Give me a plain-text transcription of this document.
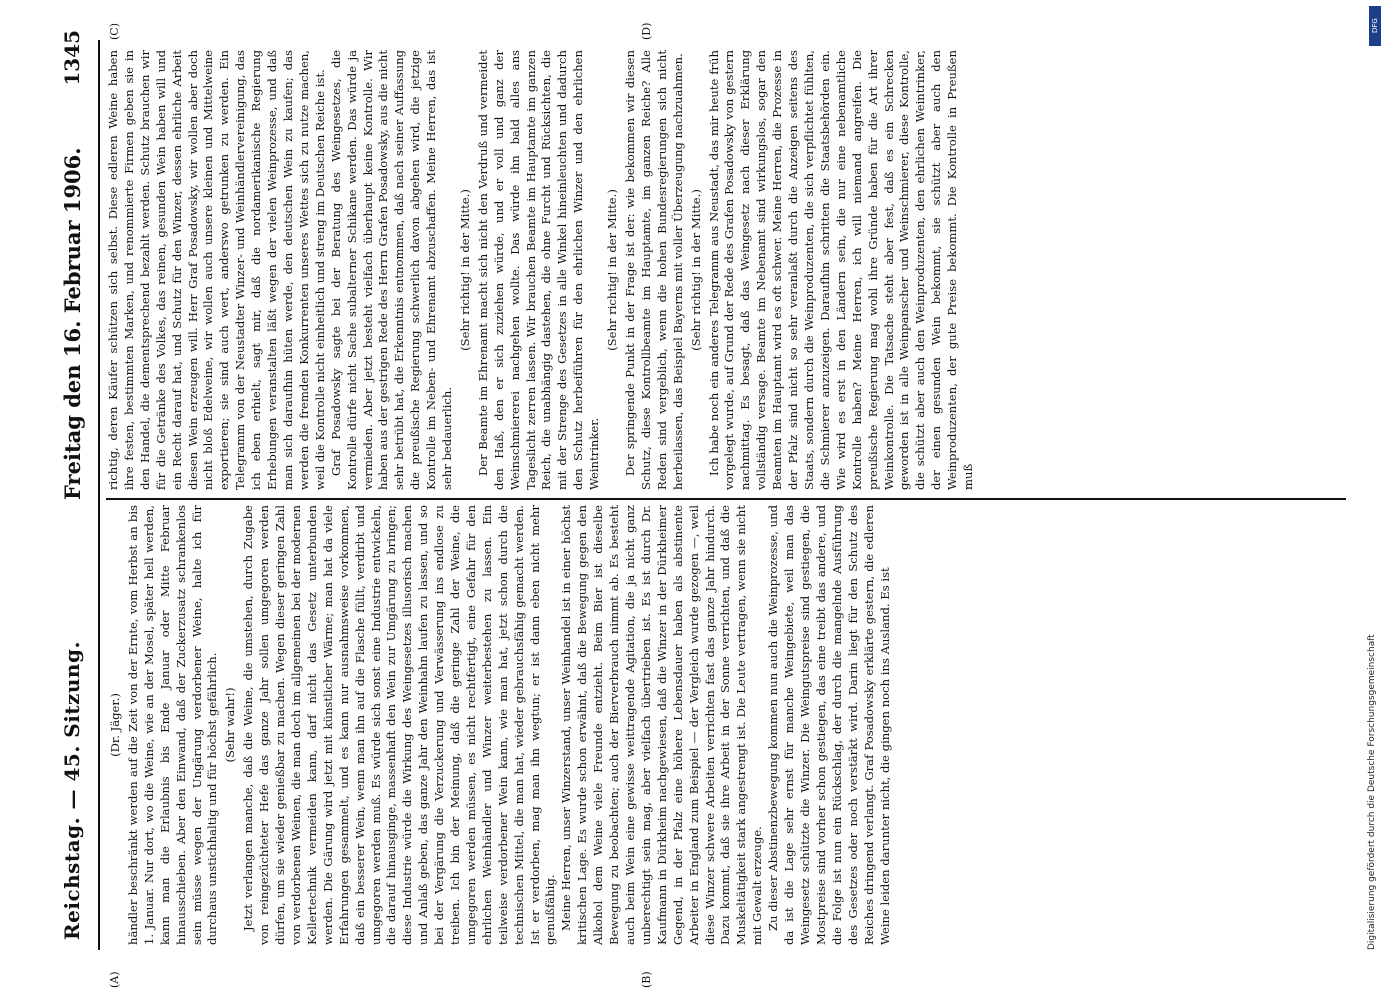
Reichstag. — 45. Sitzung.
Freitag den 16. Februar 1906.
1345
(A)	(B)
(C)	(D)

(Dr. Jäger.) händler beschränkt werden auf die Zeit von der Ernte, vom Herbst an bis 1. Januar. Nur dort, wo die Weine, wie an der Mosel, später hell werden, kann man die Erlaubnis bis Ende Januar oder Mitte Februar hinausschieben. Aber den Einwand, daß der Zuckerzusatz schrankenlos sein müsse wegen der Ungärung verdorbener Weine, halte ich für durchaus unstichhaltig und für höchst gefährlich. (Sehr wahr!) Jetzt verlangen manche, daß die Weine, die umstehen, durch Zugabe von reingezüchteter Hefe das ganze Jahr sollen umgegoren werden dürfen, um sie wieder genießbar zu machen. Wegen dieser geringen Zahl von verdorbenen Weinen, die man doch im allgemeinen bei der modernen Kellertechnik vermeiden kann, darf nicht das Gesetz unterbunden werden. Die Gärung wird jetzt mit künstlicher Wärme; man hat da viele Erfahrungen gesammelt, und es kann nur ausnahmsweise vorkommen, daß ein besserer Wein, wenn man ihn auf die Flasche füllt, verdirbt und umgegoren werden muß. Es würde sich sonst eine Industrie entwickeln, die darauf hinausginge, massenhaft den Wein zur Umgärung zu bringen; diese Industrie würde die Wirkung des Weingesetzes illusorisch machen und Anlaß geben, das ganze Jahr den Weinhahn laufen zu lassen, und so bei der Vergärung die Verzuckerung und Verwässerung ins endlose zu treiben. Ich bin der Meinung, daß die geringe Zahl der Weine, die umgegoren werden müssen, es nicht rechtfertigt, eine Gefahr für den ehrlichen Weinhändler und Winzer weiterbestehen zu lassen. Ein teilweise verdorbener Wein kann, wie man hat, jetzt schon durch die technischen Mittel, die man hat, wieder gebrauchsfähig gemacht werden. Ist er verdorben, mag man ihn wegtun; er ist dann eben nicht mehr genußfähig. Meine Herren, unser Winzerstand, unser Weinhandel ist in einer höchst kritischen Lage. Es wurde schon erwähnt, daß die Bewegung gegen den Alkohol dem Weine viele Freunde entzieht. Beim Bier ist dieselbe Bewegung zu beobachten; auch der Bierverbrauch nimmt ab. Es besteht auch beim Wein eine gewisse weittragende Agitation, die ja nicht ganz unberechtigt sein mag, aber vielfach übertrieben ist. Es ist durch Dr. Kaufmann in Dürkheim nachgewiesen, daß die Winzer in der Dürkheimer Gegend, in der Pfalz eine höhere Lebensdauer haben als abstinente Arbeiter in England zum Beispiel — der Vergleich wurde gezogen —, weil diese Winzer schwere Arbeiten verrichten fast das ganze Jahr hindurch. Dazu kommt, daß sie ihre Arbeit in der Sonne verrichten, und daß die Muskeltätigkeit stark angestrengt ist. Die Leute vertragen, wenn sie nicht mit Gewalt erzeuge. Zu dieser Abstinenzbewegung kommen nun auch die Weinprozesse, und da ist die Lage sehr ernst für manche Weingebiete, weil man das Weingesetz schützte die Winzer. Die Weingutspreise sind gestiegen, die Mostpreise sind vorher schon gestiegen, das eine treibt das andere, und die Folge ist nun ein Rückschlag, der durch die mangelnde Ausführung des Gesetzes oder noch verstärkt wird. Darin liegt für den Schutz des Reiches dringend verlangt. Graf Posadowsky erklärte gestern, die edleren Weine leiden darunter nicht, die gingen noch ins Ausland. Es ist

richtig, deren Käufer schützen sich selbst. Diese edleren Weine haben ihre festen, bestimmten Marken, und renommierte Firmen geben sie in den Handel, die dementsprechend bezahlt werden. Schutz brauchen wir für die Getränke des Volkes, das reinen, gesunden Wein haben will und ein Recht darauf hat, und Schutz für den Winzer, dessen ehrliche Arbeit diesen Wein erzeugen will. Herr Graf Posadowsky, wir wollen aber doch nicht bloß Edelweine, wir wollen auch unsere kleinen und Mittelweine exportieren; sie sind auch wert, anderswo getrunken zu werden. Ein Telegramm von der Neustadter Winzer- und Weinhändlervereinigung, das ich eben erhielt, sagt mir, daß die nordamerikanische Regierung Erhebungen veranstalten läßt wegen der vielen Weinprozesse, und daß man sich daraufhin hüten werde, den deutschen Wein zu kaufen; das werden die fremden Konkurrenten unseres Wettes sich zu nutze machen, weil die Kontrolle nicht einheitlich und streng im Deutschen Reiche ist. Graf Posadowsky sagte bei der Beratung des Weingesetzes, die Kontrolle dürfe nicht Sache subalterner Schikane werden. Das würde ja vermieden. Aber jetzt besteht vielfach überhaupt keine Kontrolle. Wir haben aus der gestrigen Rede des Herrn Grafen Posadowsky, aus die nicht sehr betrübt hat, die Erkenntnis entnommen, daß nach seiner Auffassung die preußische Regierung schwerlich davon abgehen wird, die jetzige Kontrolle im Neben- und Ehrenamt abzuschaffen. Meine Herren, das ist sehr bedauerlich.

(Sehr richtig! in der Mitte.) Der Beamte im Ehrenamt macht sich nicht den Verdruß und vermeidet den Haß, den er sich zuziehen würde, und er voll und ganz der Weinschmiererei nachgehen wollte. Das würde ihn bald alles ans Tageslicht zerren lassen. Wir brauchen Beamte im Hauptamte im ganzen Reich, die unabhängig dastehen, die ohne Furcht und Rücksichten, die mit der Strenge des Gesetzes in alle Winkel hineinleuchten und dadurch den Schutz herbeiführen für den ehrlichen Winzer und den ehrlichen Weintrinker.

(Sehr richtig! in der Mitte.) Der springende Punkt in der Frage ist der: wie bekommen wir diesen Schutz, diese Kontrollbeamte im Hauptamte, im ganzen Reiche? Alle Reden sind vergeblich, wenn die hohen Bundesregierungen sich nicht herbeilassen, das Beispiel Bayerns mit voller Überzeugung nachzuahmen. (Sehr richtig! in der Mitte.) Ich habe noch ein anderes Telegramm aus Neustadt, das mir heute früh vorgelegt wurde, auf Grund der Rede des Grafen Posadowsky von gestern nachmittag. Es besagt, daß das Weingesetz nach dieser Erklärung vollständig versage. Beamte im Nebenamt sind wirkungslos, sogar den Beamten im Hauptamt wird es oft schwer. Meine Herren, die Prozesse in der Pfalz sind nicht so sehr veranlaßt durch die Anzeigen seitens des Staats, sondern durch die Weinproduzenten, die sich verpflichtet fühlten, die Schmierer anzuzeigen. Daraufhin schritten die Staatsbehörden ein. Wie wird es erst in den Ländern sein, die nur eine nebenamtliche Kontrolle haben? Meine Herren, ich will niemand angreifen. Die preußische Regierung mag wohl ihre Gründe haben für die Art ihrer Weinkontrolle. Die Tatsache steht aber fest, daß es ein Schrecken geworden ist in alle Weinpanscher und Weinschmierer, diese Kontrolle, die schützt aber auch den Weinproduzenten, den ehrlichen Weintrinker, der einen gesunden Wein bekommt, sie schützt aber auch den Weinproduzenten, der gute Preise bekommt. Die Kontrolle in Preußen muß

DFG
Digitalisierung gefördert durch die Deutsche Forschungsgemeinschaft
